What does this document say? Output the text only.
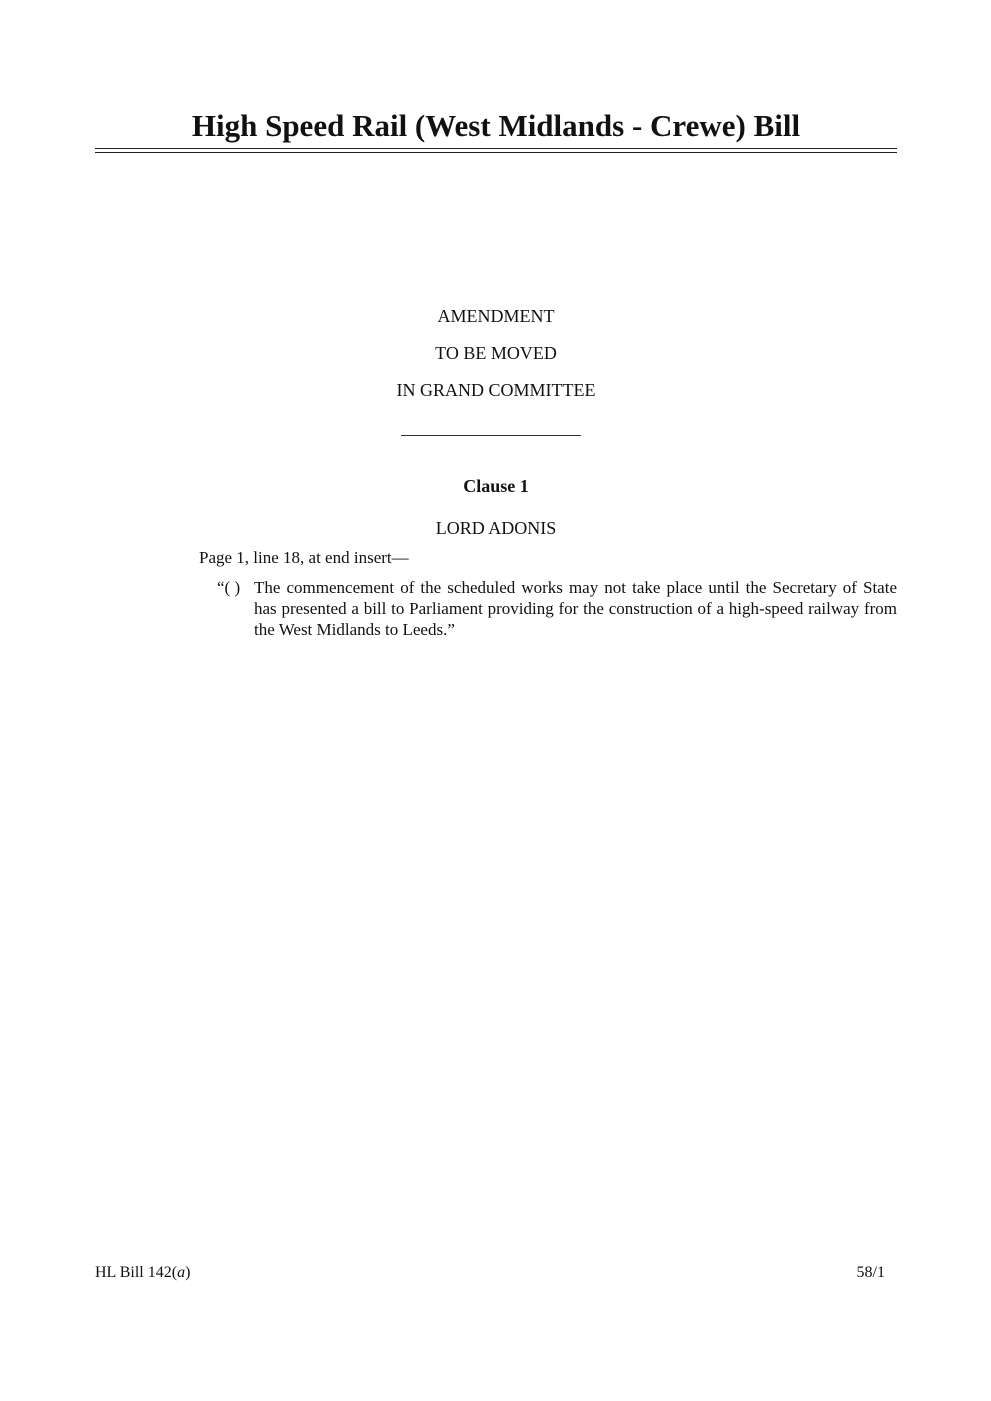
High Speed Rail (West Midlands - Crewe) Bill
AMENDMENT
TO BE MOVED
IN GRAND COMMITTEE
Clause 1
LORD ADONIS

Page 1, line 18, at end insert—

“( ) The commencement of the scheduled works may not take place until the Secretary of State has presented a bill to Parliament providing for the construction of a high-speed railway from the West Midlands to Leeds.”

HL Bill 142(a)	58/1
